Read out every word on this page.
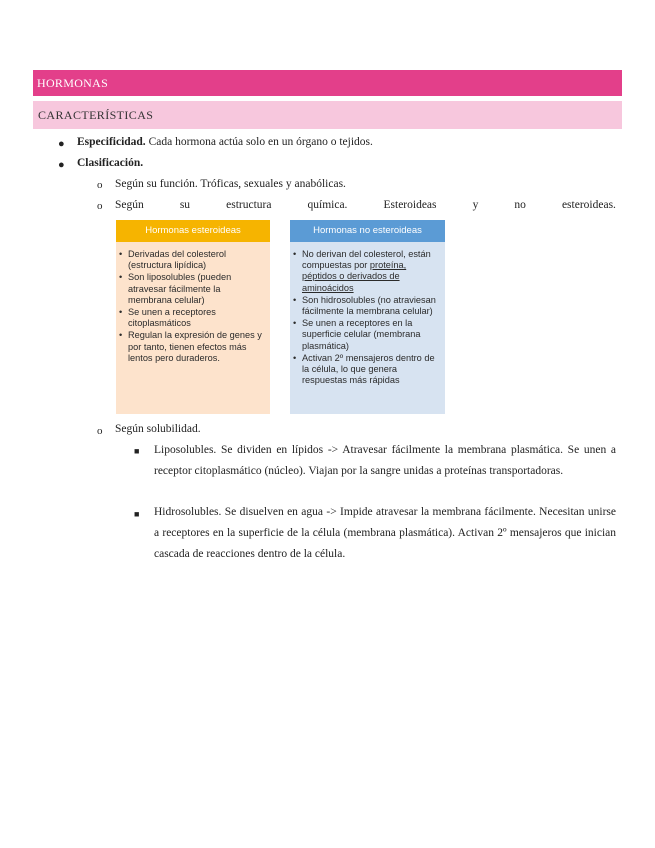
HORMONAS
CARACTERÍSTICAS
● Especificidad. Cada hormona actúa solo en un órgano o tejidos.
● Clasificación.
o Según su función. Tróficas, sexuales y anabólicas.
o Según	su	estructura	química.	Esteroideas	y	no	esteroideas.
Hormonas esteroideas
• Derivadas del colesterol (estructura lipídica)
• Son liposolubles (pueden atravesar fácilmente la membrana celular)
• Se unen a receptores citoplasmáticos
• Regulan la expresión de genes y por tanto, tienen efectos más lentos pero duraderos.
Hormonas no esteroideas
• No derivan del colesterol, están compuestas por proteína, péptidos o derivados de aminoácidos
• Son hidrosolubles (no atraviesan fácilmente la membrana celular)
• Se unen a receptores en la superficie celular (membrana plasmática)
• Activan 2º mensajeros dentro de la célula, lo que genera respuestas más rápidas
o Según solubilidad.
■ Liposolubles. Se dividen en lípidos -> Atravesar fácilmente la membrana plasmática. Se unen a receptor citoplasmático (núcleo). Viajan por la sangre unidas a proteínas transportadoras.
■ Hidrosolubles. Se disuelven en agua -> Impide atravesar la membrana fácilmente. Necesitan unirse a receptores en la superficie de la célula (membrana plasmática). Activan 2º mensajeros que inician cascada de reacciones dentro de la célula.
